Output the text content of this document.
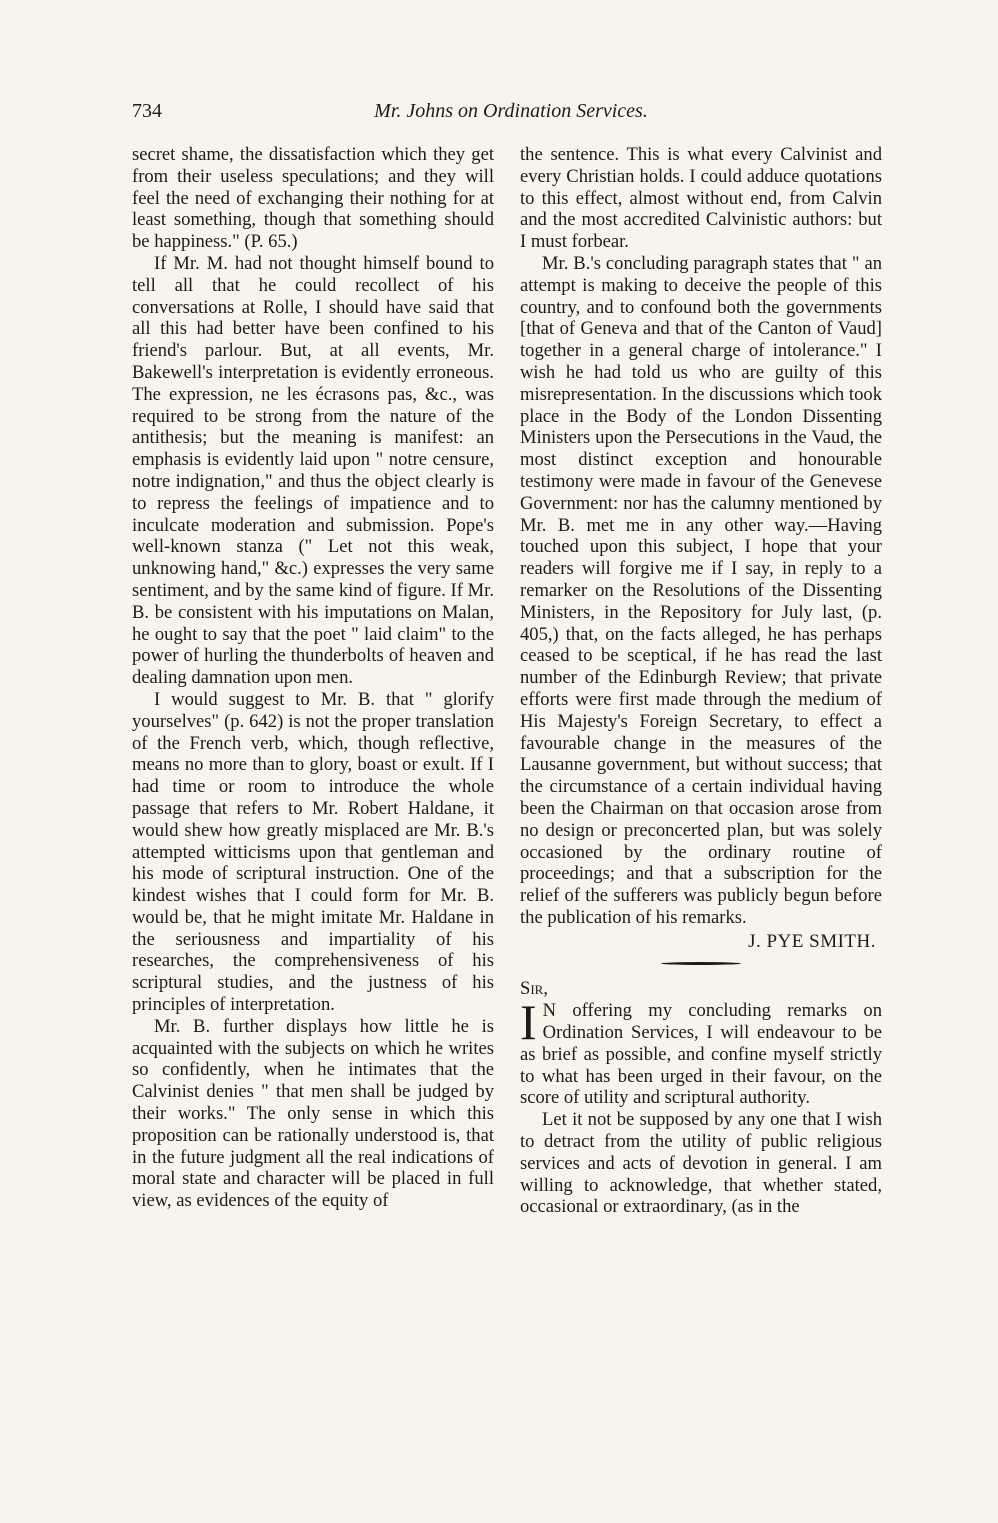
734	Mr. Johns on Ordination Services.

secret shame, the dissatisfaction which they get from their useless speculations; and they will feel the need of exchanging their nothing for at least something, though that something should be happiness." (P. 65.)

If Mr. M. had not thought himself bound to tell all that he could recollect of his conversations at Rolle, I should have said that all this had better have been confined to his friend's parlour. But, at all events, Mr. Bakewell's interpretation is evidently erroneous. The expression, ne les écrasons pas, &c., was required to be strong from the nature of the antithesis; but the meaning is manifest: an emphasis is evidently laid upon " notre censure, notre indignation," and thus the object clearly is to repress the feelings of impatience and to inculcate moderation and submission. Pope's well-known stanza (" Let not this weak, unknowing hand," &c.) expresses the very same sentiment, and by the same kind of figure. If Mr. B. be consistent with his imputations on Malan, he ought to say that the poet " laid claim" to the power of hurling the thunderbolts of heaven and dealing damnation upon men.

I would suggest to Mr. B. that " glorify yourselves" (p. 642) is not the proper translation of the French verb, which, though reflective, means no more than to glory, boast or exult. If I had time or room to introduce the whole passage that refers to Mr. Robert Haldane, it would shew how greatly misplaced are Mr. B.'s attempted witticisms upon that gentleman and his mode of scriptural instruction. One of the kindest wishes that I could form for Mr. B. would be, that he might imitate Mr. Haldane in the seriousness and impartiality of his researches, the comprehensiveness of his scriptural studies, and the justness of his principles of interpretation.

Mr. B. further displays how little he is acquainted with the subjects on which he writes so confidently, when he intimates that the Calvinist denies " that men shall be judged by their works." The only sense in which this proposition can be rationally understood is, that in the future judgment all the real indications of moral state and character will be placed in full view, as evidences of the equity of

the sentence. This is what every Calvinist and every Christian holds. I could adduce quotations to this effect, almost without end, from Calvin and the most accredited Calvinistic authors: but I must forbear.

Mr. B.'s concluding paragraph states that " an attempt is making to deceive the people of this country, and to confound both the governments [that of Geneva and that of the Canton of Vaud] together in a general charge of intolerance." I wish he had told us who are guilty of this misrepresentation. In the discussions which took place in the Body of the London Dissenting Ministers upon the Persecutions in the Vaud, the most distinct exception and honourable testimony were made in favour of the Genevese Government: nor has the calumny mentioned by Mr. B. met me in any other way.—Having touched upon this subject, I hope that your readers will forgive me if I say, in reply to a remarker on the Resolutions of the Dissenting Ministers, in the Repository for July last, (p. 405,) that, on the facts alleged, he has perhaps ceased to be sceptical, if he has read the last number of the Edinburgh Review; that private efforts were first made through the medium of His Majesty's Foreign Secretary, to effect a favourable change in the measures of the Lausanne government, but without success; that the circumstance of a certain individual having been the Chairman on that occasion arose from no design or preconcerted plan, but was solely occasioned by the ordinary routine of proceedings; and that a subscription for the relief of the sufferers was publicly begun before the publication of his remarks.

J. PYE SMITH.

Sir,

I N offering my concluding remarks on Ordination Services, I will endeavour to be as brief as possible, and confine myself strictly to what has been urged in their favour, on the score of utility and scriptural authority.

Let it not be supposed by any one that I wish to detract from the utility of public religious services and acts of devotion in general. I am willing to acknowledge, that whether stated, occasional or extraordinary, (as in the
